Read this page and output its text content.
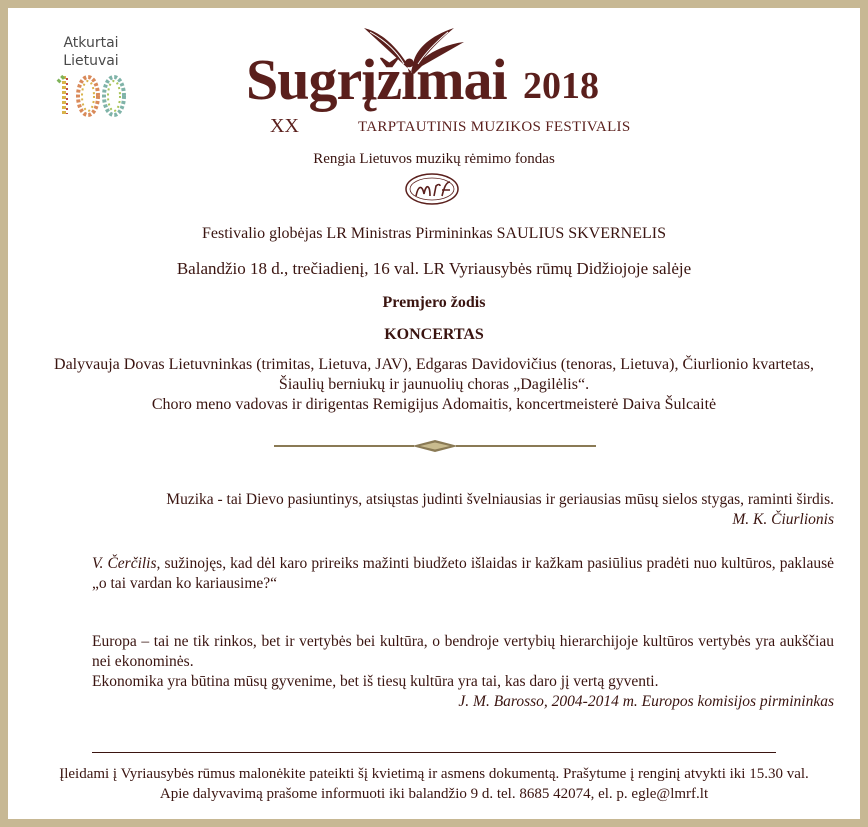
Atkurtai
Lietuvai Sugrįžimai 2018
XX	TARPTAUTINIS MUZIKOS FESTIVALIS
Rengia Lietuvos muzikų rėmimo fondas
Festivalio globėjas LR Ministras Pirmininkas SAULIUS SKVERNELIS
Balandžio 18 d., trečiadienį, 16 val. LR Vyriausybės rūmų Didžiojoje salėje
Premjero žodis
KONCERTAS
Dalyvauja Dovas Lietuvninkas (trimitas, Lietuva, JAV), Edgaras Davidovičius (tenoras, Lietuva), Čiurlionio kvartetas,
Šiaulių berniukų ir jaunuolių choras „Dagilėlis“.
Choro meno vadovas ir dirigentas Remigijus Adomaitis, koncertmeisterė Daiva Šulcaitė
Muzika - tai Dievo pasiuntinys, atsiųstas judinti švelniausias ir geriausias mūsų sielos stygas, raminti širdis.
M. K. Čiurlionis
V. Čerčilis, sužinojęs, kad dėl karo prireiks mažinti biudžeto išlaidas ir kažkam pasiūlius pradėti nuo kultūros, paklausė „o tai vardan ko kariausime?“
Europa – tai ne tik rinkos, bet ir vertybės bei kultūra, o bendroje vertybių hierarchijoje kultūros vertybės yra aukščiau nei ekonominės.
Ekonomika yra būtina mūsų gyvenime, bet iš tiesų kultūra yra tai, kas daro jį vertą gyventi.
J. M. Barosso, 2004-2014 m. Europos komisijos pirmininkas
Įleidami į Vyriausybės rūmus malonėkite pateikti šį kvietimą ir asmens dokumentą. Prašytume į renginį atvykti iki 15.30 val.
Apie dalyvavimą prašome informuoti iki balandžio 9 d. tel. 8685 42074, el. p. egle@lmrf.lt
